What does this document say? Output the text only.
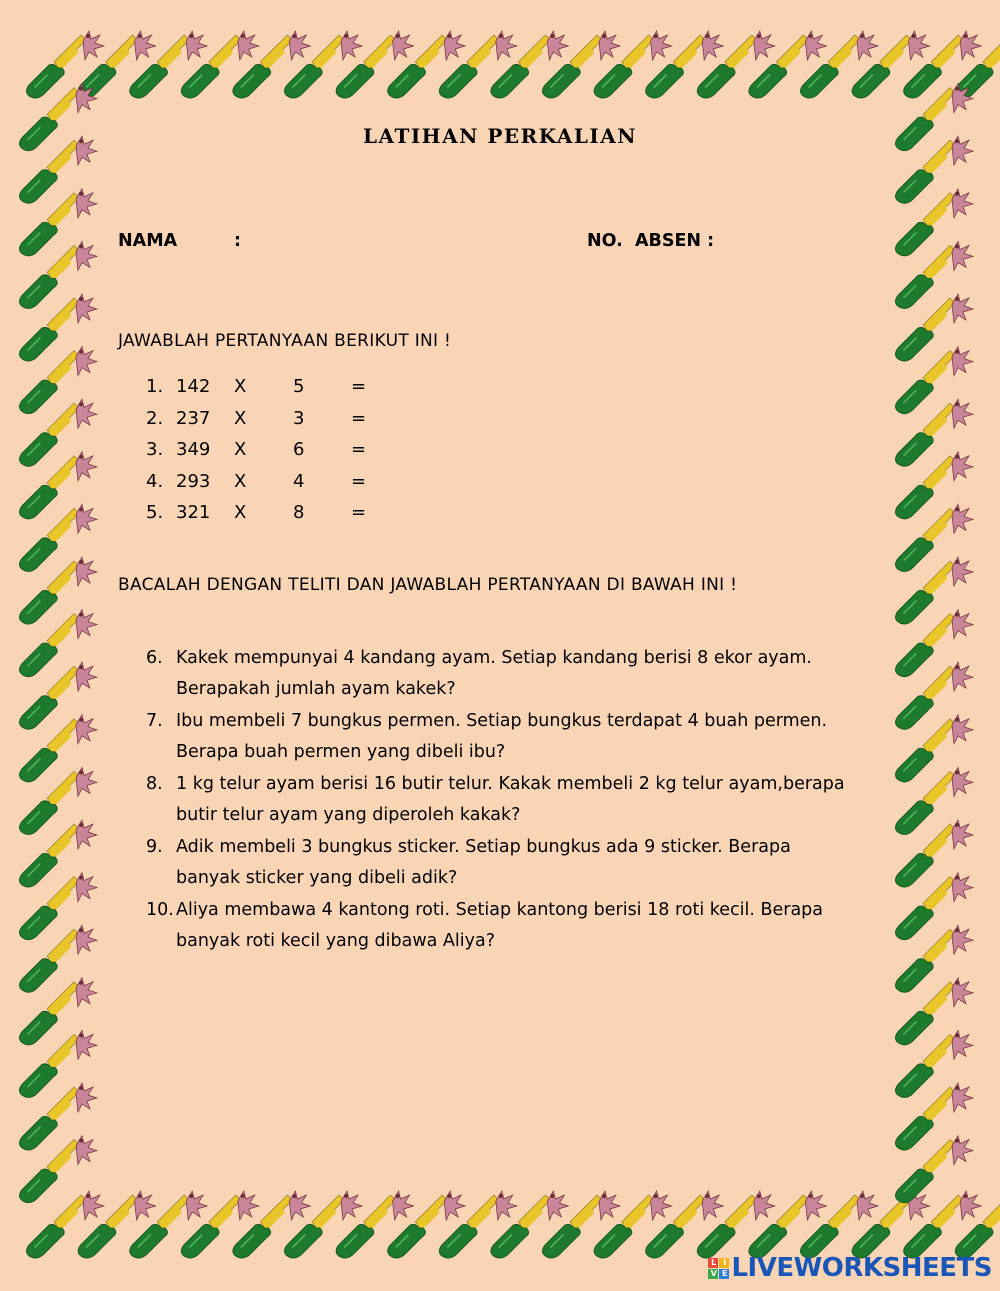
LATIHAN PERKALIAN
NAMA	:	NO.  ABSEN :
JAWABLAH PERTANYAAN BERIKUT INI !
1. 142 X	5	=
2. 237 X	3	=
3. 349 X	6	=
4. 293 X	4	=
5. 321 X	8	=
BACALAH DENGAN TELITI DAN JAWABLAH PERTANYAAN DI BAWAH INI !
6. Kakek mempunyai 4 kandang ayam. Setiap kandang berisi 8 ekor ayam.
Berapakah jumlah ayam kakek?
7. Ibu membeli 7 bungkus permen. Setiap bungkus terdapat 4 buah permen.
Berapa buah permen yang dibeli ibu?
8. 1 kg telur ayam berisi 16 butir telur. Kakak membeli 2 kg telur ayam,berapa
butir telur ayam yang diperoleh kakak?
9. Adik membeli 3 bungkus sticker. Setiap bungkus ada 9 sticker. Berapa
banyak sticker yang dibeli adik?
10. Aliya membawa 4 kantong roti. Setiap kantong berisi 18 roti kecil. Berapa
banyak roti kecil yang dibawa Aliya?
L I
V E LIVEWORKSHEETS
